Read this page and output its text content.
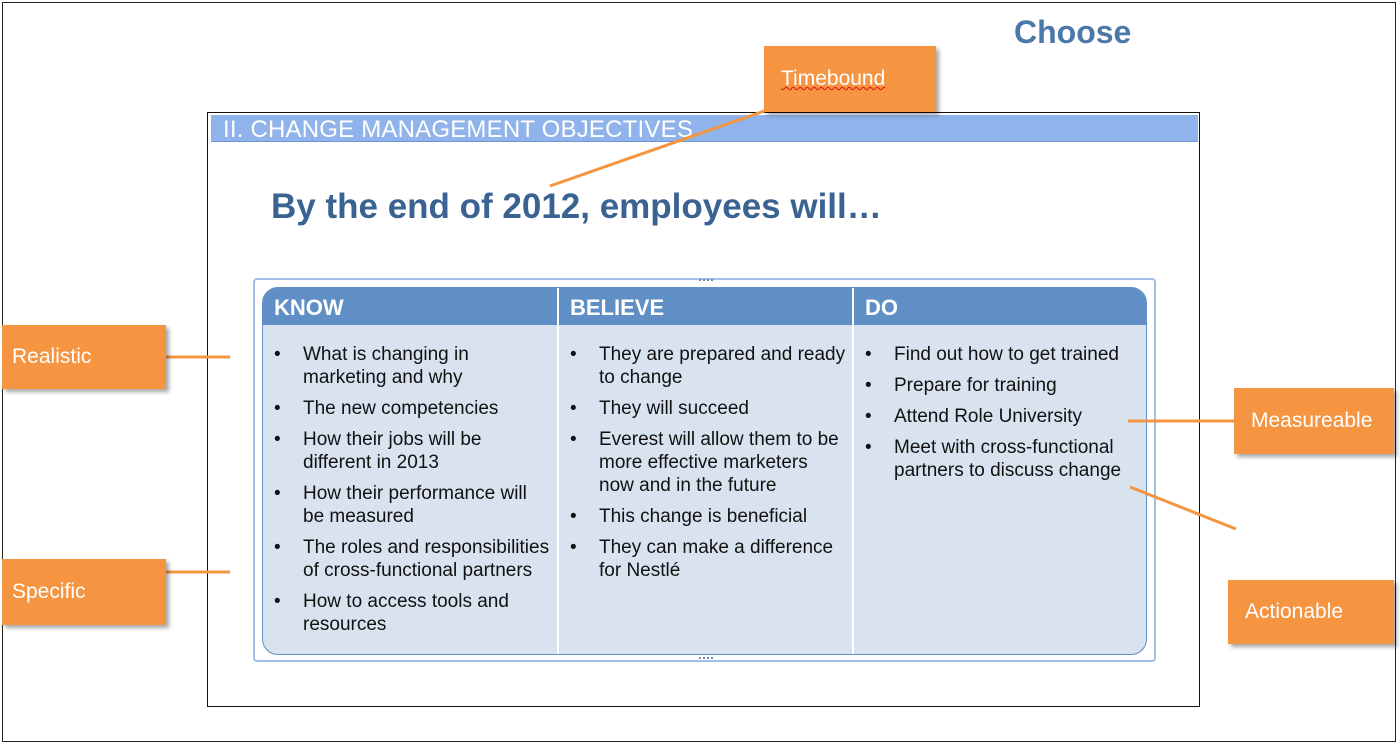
Choose
II. CHANGE MANAGEMENT OBJECTIVES
By the end of 2012, employees will…
KNOW	BELIEVE	DO
• What is changing in marketing and why
• The new competencies
• How their jobs will be different in 2013
• How their performance will be measured
• The roles and responsibilities of cross-functional partners
• How to access tools and resources
• They are prepared and ready to change
• They will succeed
• Everest will allow them to be more effective marketers now and in the future
• This change is beneficial
• They can make a difference for Nestlé
• Find out how to get trained
• Prepare for training
• Attend Role University
• Meet with cross-functional partners to discuss change
Timebound
Realistic
Specific
Measureable
Actionable
